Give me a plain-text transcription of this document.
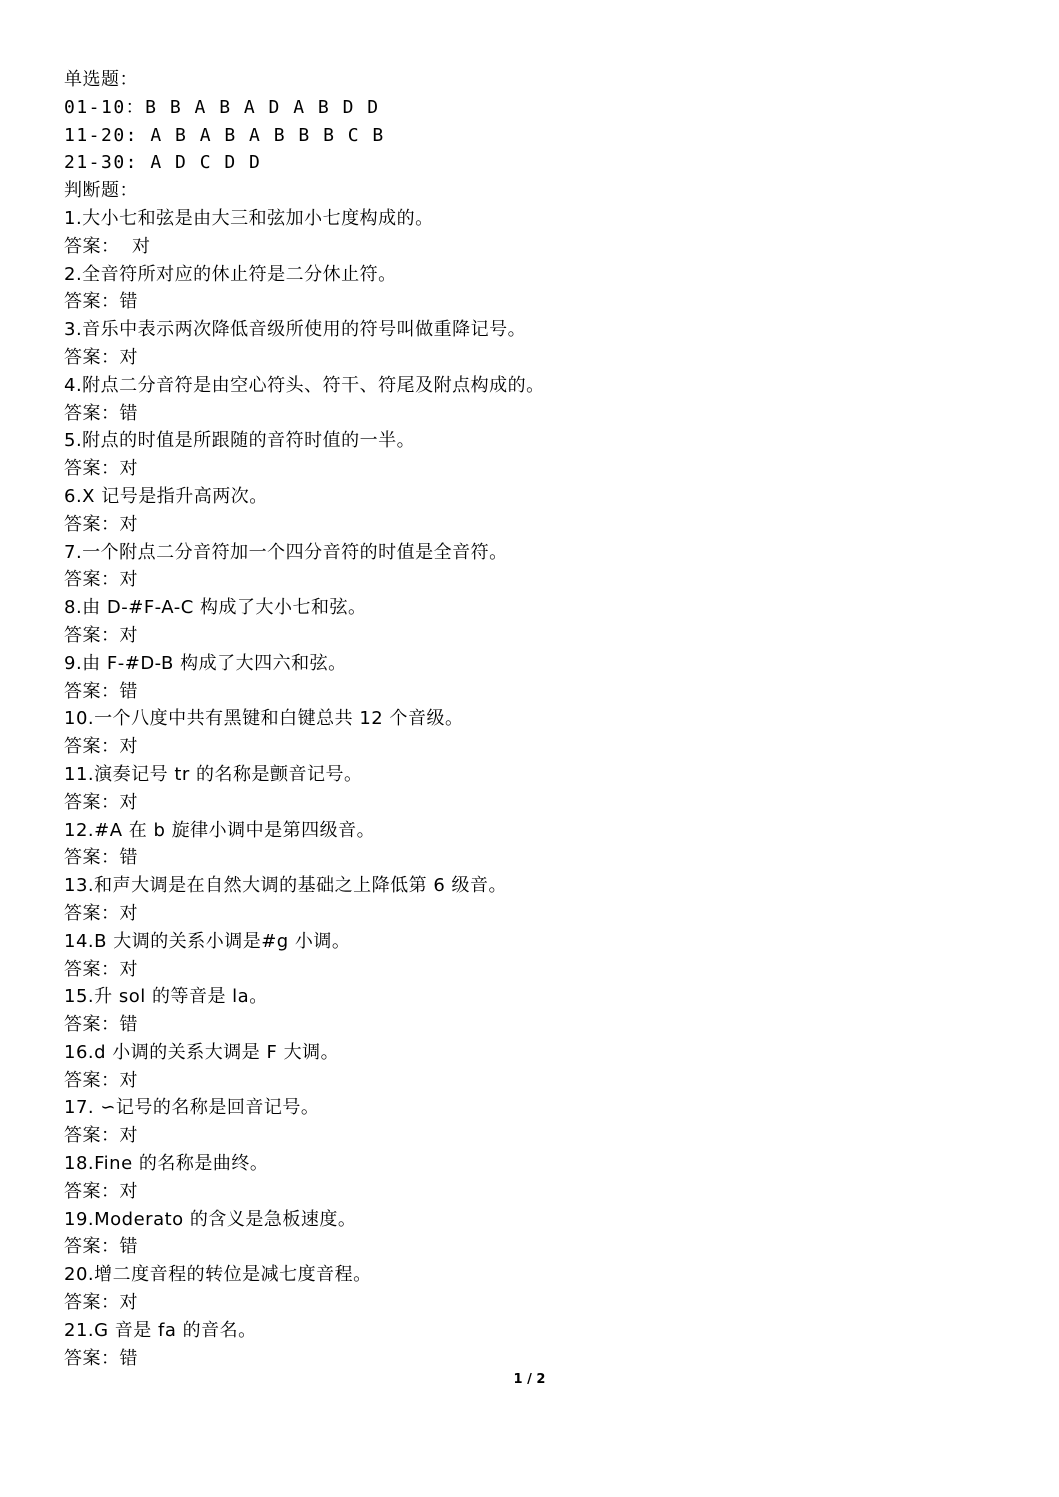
单选题：
01-10：B B A B A D A B D D
11-20: A B A B A B B B C B
21-30: A D C D D
判断题：
1.大小七和弦是由大三和弦加小七度构成的。
答案：  对
2.全音符所对应的休止符是二分休止符。
答案：错
3.音乐中表示两次降低音级所使用的符号叫做重降记号。
答案：对
4.附点二分音符是由空心符头、符干、符尾及附点构成的。
答案：错
5.附点的时值是所跟随的音符时值的一半。
答案：对
6.X 记号是指升高两次。
答案：对
7.一个附点二分音符加一个四分音符的时值是全音符。
答案：对
8.由 D-#F-A-C 构成了大小七和弦。
答案：对
9.由 F-#D-B 构成了大四六和弦。
答案：错
10.一个八度中共有黑键和白键总共 12 个音级。
答案：对
11.演奏记号 tr 的名称是颤音记号。
答案：对
12.#A 在 b 旋律小调中是第四级音。
答案：错
13.和声大调是在自然大调的基础之上降低第 6 级音。
答案：对
14.B 大调的关系小调是#g 小调。
答案：对
15.升 sol 的等音是 la。
答案：错
16.d 小调的关系大调是 F 大调。
答案：对
17. ∽记号的名称是回音记号。
答案：对
18.Fine 的名称是曲终。
答案：对
19.Moderato 的含义是急板速度。
答案：错
20.增二度音程的转位是减七度音程。
答案：对
21.G 音是 fa 的音名。
答案：错
1 / 2
